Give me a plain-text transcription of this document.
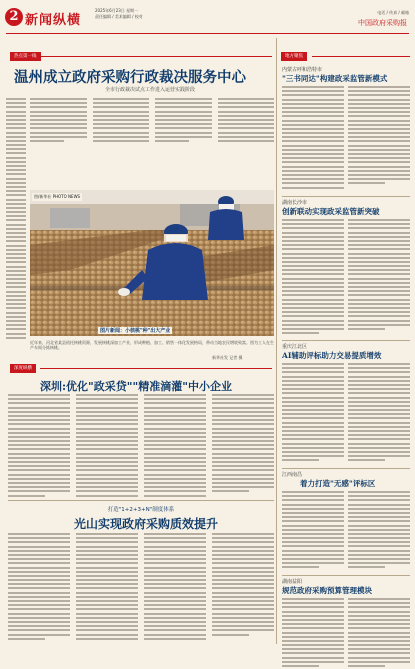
2 新闻纵横
2025年6月23日 星期一
责任编辑 / 美术编辑 / 校对
电话 / 传真 / 邮箱
中国政府采购报
热点第一线
温州成立政府采购行政裁决服务中心
全市行政裁决试点工作进入运营实践阶段
图/新华社 PHOTO NEWS
图片新闻：小核桃"种"出大产业
近年来，河北省某县依托核桃资源，发展核桃深加工产业，形成种植、加工、销售一体化发展格局，带动当地农民增收致富。图为工人在生产车间分拣核桃。
新华社发 记者 摄
深度纵横
深圳:优化"政采贷""精准滴灌"中小企业
打造"1+2+3+N"制度体系
光山实现政府采购质效提升
地方聚焦
内蒙古呼和浩特市
"三书同达"构建政采监管新模式
湖南长沙市
创新联动实现政采监管新突破
重庆江北区
AI辅助评标助力交易提质增效
江西南昌
着力打造"无感"评标区
湖南益阳
规范政府采购预算管理模块
